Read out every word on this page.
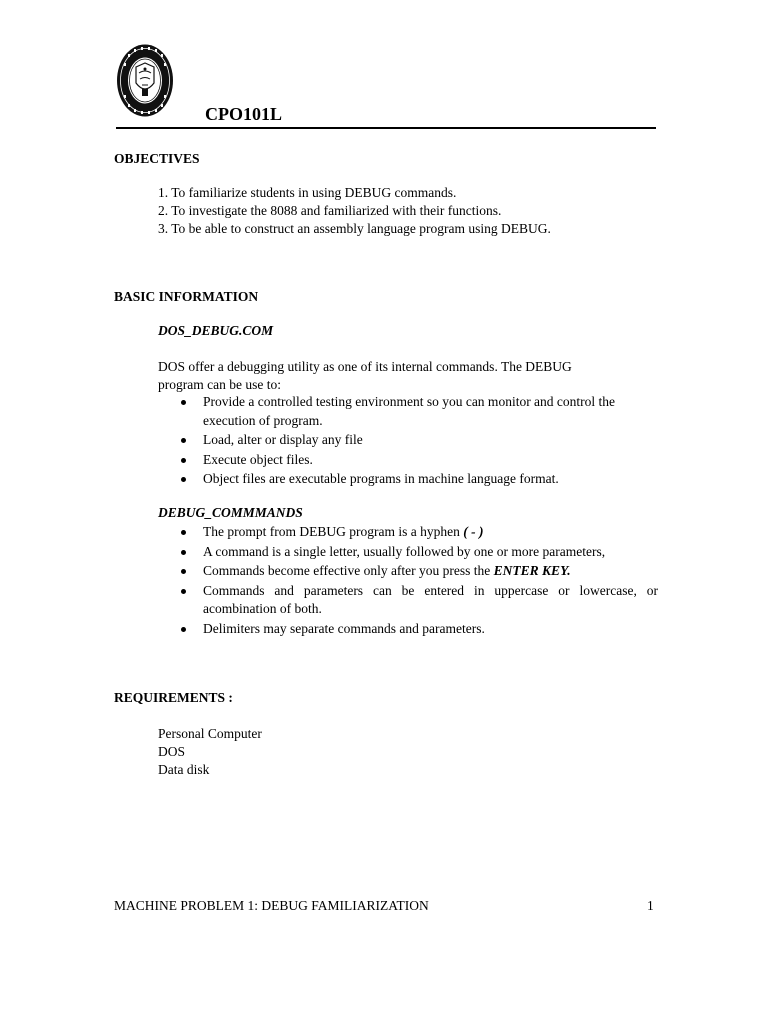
CPO101L
OBJECTIVES
1. To familiarize students in using DEBUG commands.
2. To investigate the 8088 and familiarized with their functions.
3. To be able to construct an assembly language program using DEBUG.
BASIC INFORMATION
DOS_DEBUG.COM
DOS offer a debugging utility as one of its internal commands. The DEBUG
program can be use to:
Provide a controlled testing environment so you can monitor and control the execution of program.
Load, alter or display any file
Execute object files.
Object files are executable programs in machine language format.
DEBUG_COMMMANDS
The prompt from DEBUG program is a hyphen ( - )
A command is a single letter, usually followed by one or more parameters,
Commands become effective only after you press the ENTER KEY.
Commands and parameters can be entered in uppercase or lowercase, or acombination of both.
Delimiters may separate commands and parameters.
REQUIREMENTS :
Personal Computer
DOS
Data disk
MACHINE PROBLEM 1: DEBUG FAMILIARIZATION	1
